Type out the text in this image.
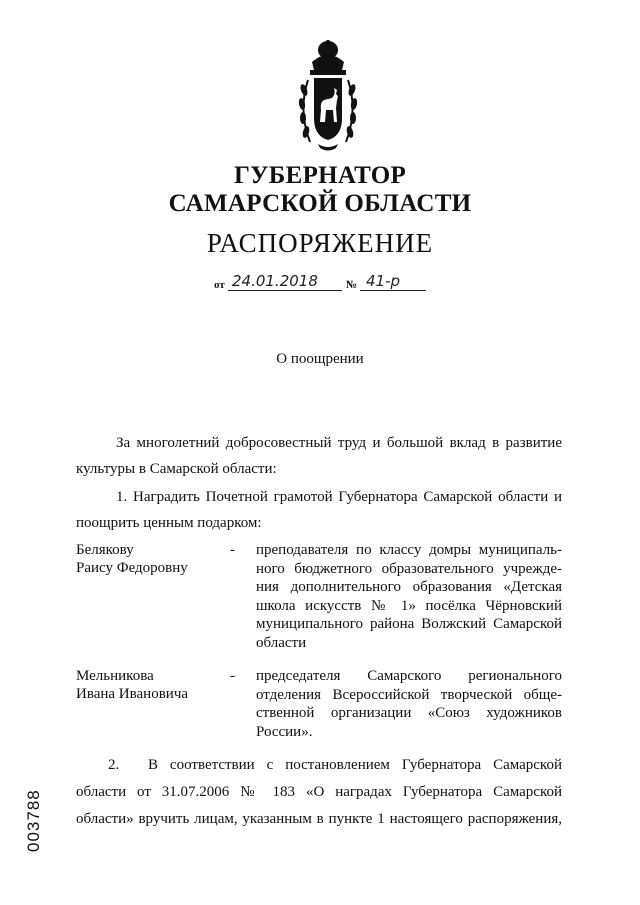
ГУБЕРНАТОР
САМАРСКОЙ ОБЛАСТИ
РАСПОРЯЖЕНИЕ
от 24.01.2018	№ 41-р
О поощрении
За многолетний добросовестный труд и большой вклад в развитие
культуры в Самарской области:
1. Наградить Почетной грамотой Губернатора Самарской области и
поощрить ценным подарком:
Белякову
Раису Федоровну
- преподавателя по классу домры муниципаль-
ного бюджетного образовательного учрежде-
ния дополнительного образования «Детская
школа искусств № 1» посёлка Чёрновский
муниципального района Волжский Самарской
области
Мельникова
Ивана Ивановича
- председателя Самарского регионального
отделения Всероссийской творческой обще-
ственной организации «Союз художников
России».
2. В соответствии с постановлением Губернатора Самарской
области от 31.07.2006 № 183 «О наградах Губернатора Самарской
области» вручить лицам, указанным в пункте 1 настоящего распоряжения,
003788
